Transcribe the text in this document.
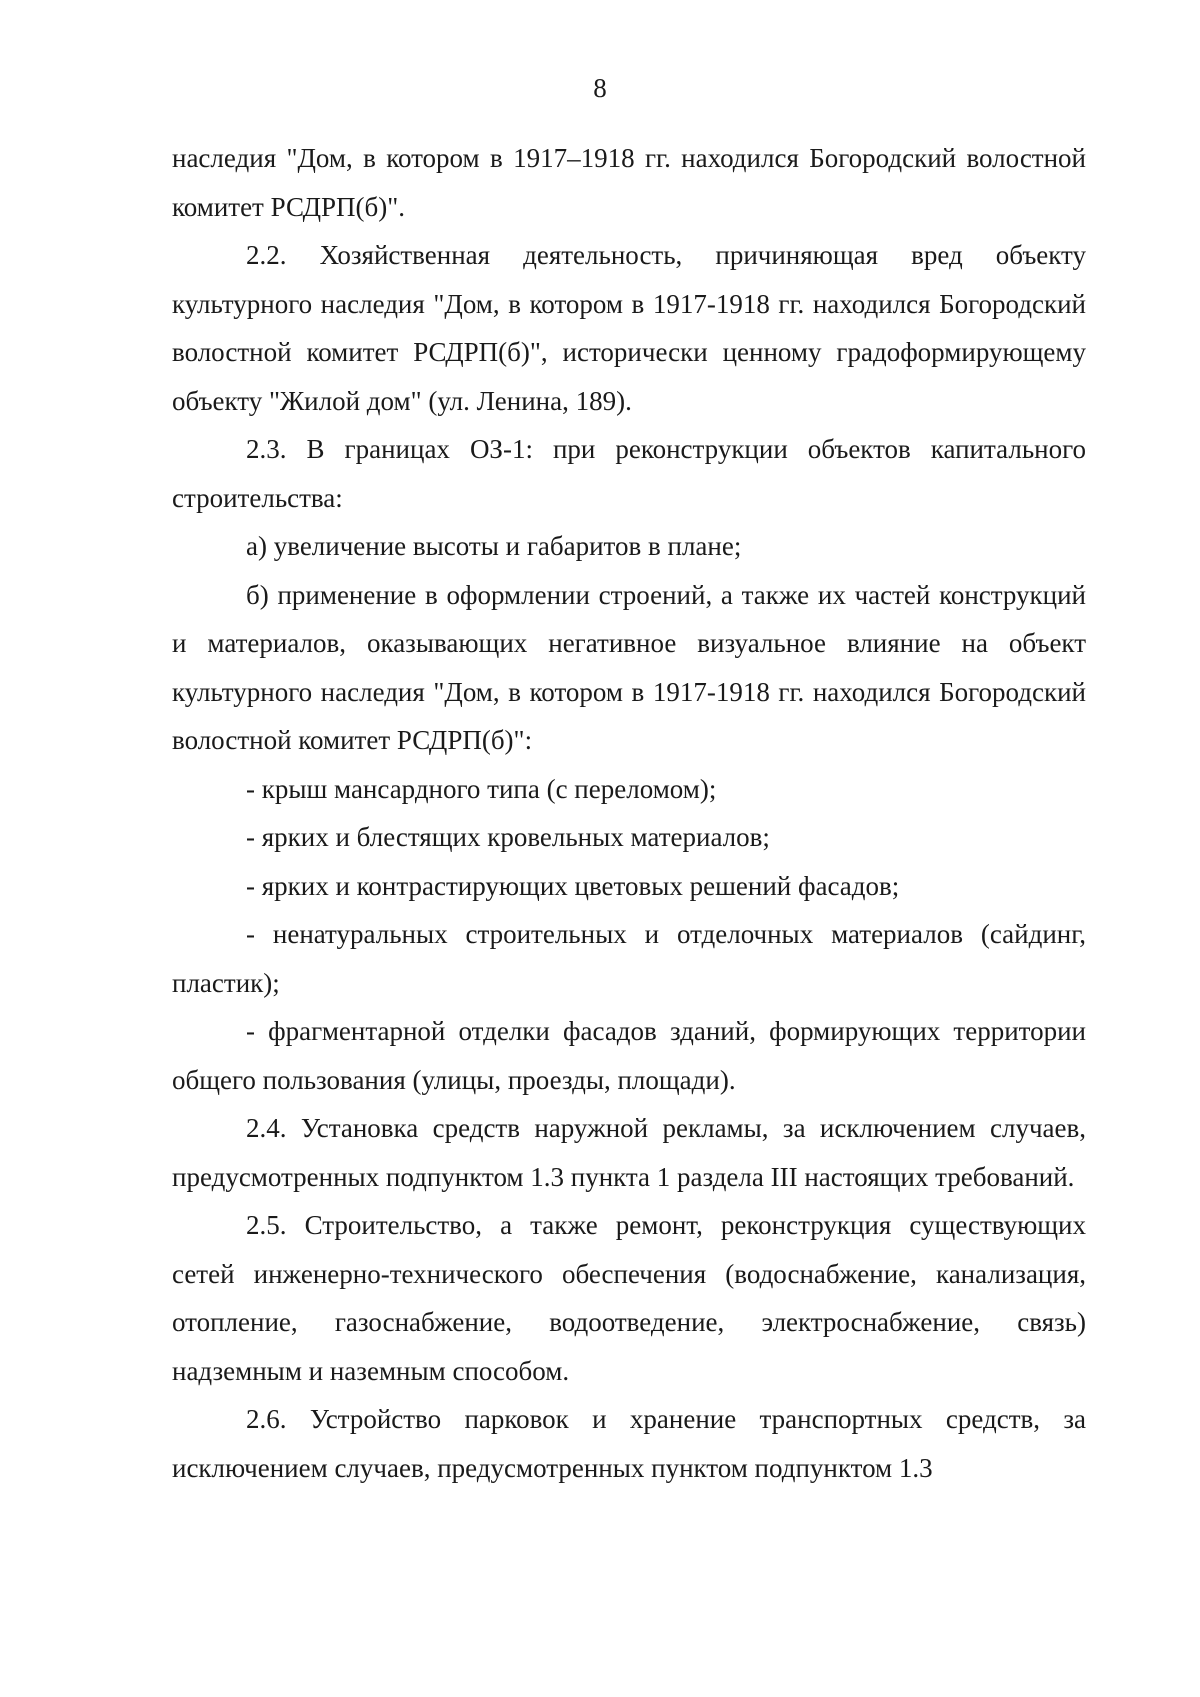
8

наследия "Дом, в котором в 1917–1918 гг. находился Богородский волостной комитет РСДРП(б)".

2.2. Хозяйственная деятельность, причиняющая вред объекту культурного наследия "Дом, в котором в 1917-1918 гг. находился Богородский волостной комитет РСДРП(б)", исторически ценному градоформирующему объекту "Жилой дом" (ул. Ленина, 189).

2.3. В границах ОЗ-1: при реконструкции объектов капитального строительства:

а) увеличение высоты и габаритов в плане;

б) применение в оформлении строений, а также их частей конструкций и материалов, оказывающих негативное визуальное влияние на объект культурного наследия "Дом, в котором в 1917-1918 гг. находился Богородский волостной комитет РСДРП(б)":

- крыш мансардного типа (с переломом);

- ярких и блестящих кровельных материалов;

- ярких и контрастирующих цветовых решений фасадов;

- ненатуральных строительных и отделочных материалов (сайдинг, пластик);

- фрагментарной отделки фасадов зданий, формирующих территории общего пользования (улицы, проезды, площади).

2.4. Установка средств наружной рекламы, за исключением случаев, предусмотренных подпунктом 1.3 пункта 1 раздела III настоящих требований.

2.5. Строительство, а также ремонт, реконструкция существующих сетей инженерно-технического обеспечения (водоснабжение, канализация, отопление, газоснабжение, водоотведение, электроснабжение, связь) надземным и наземным способом.

2.6. Устройство парковок и хранение транспортных средств, за исключением случаев, предусмотренных пунктом подпунктом 1.3
